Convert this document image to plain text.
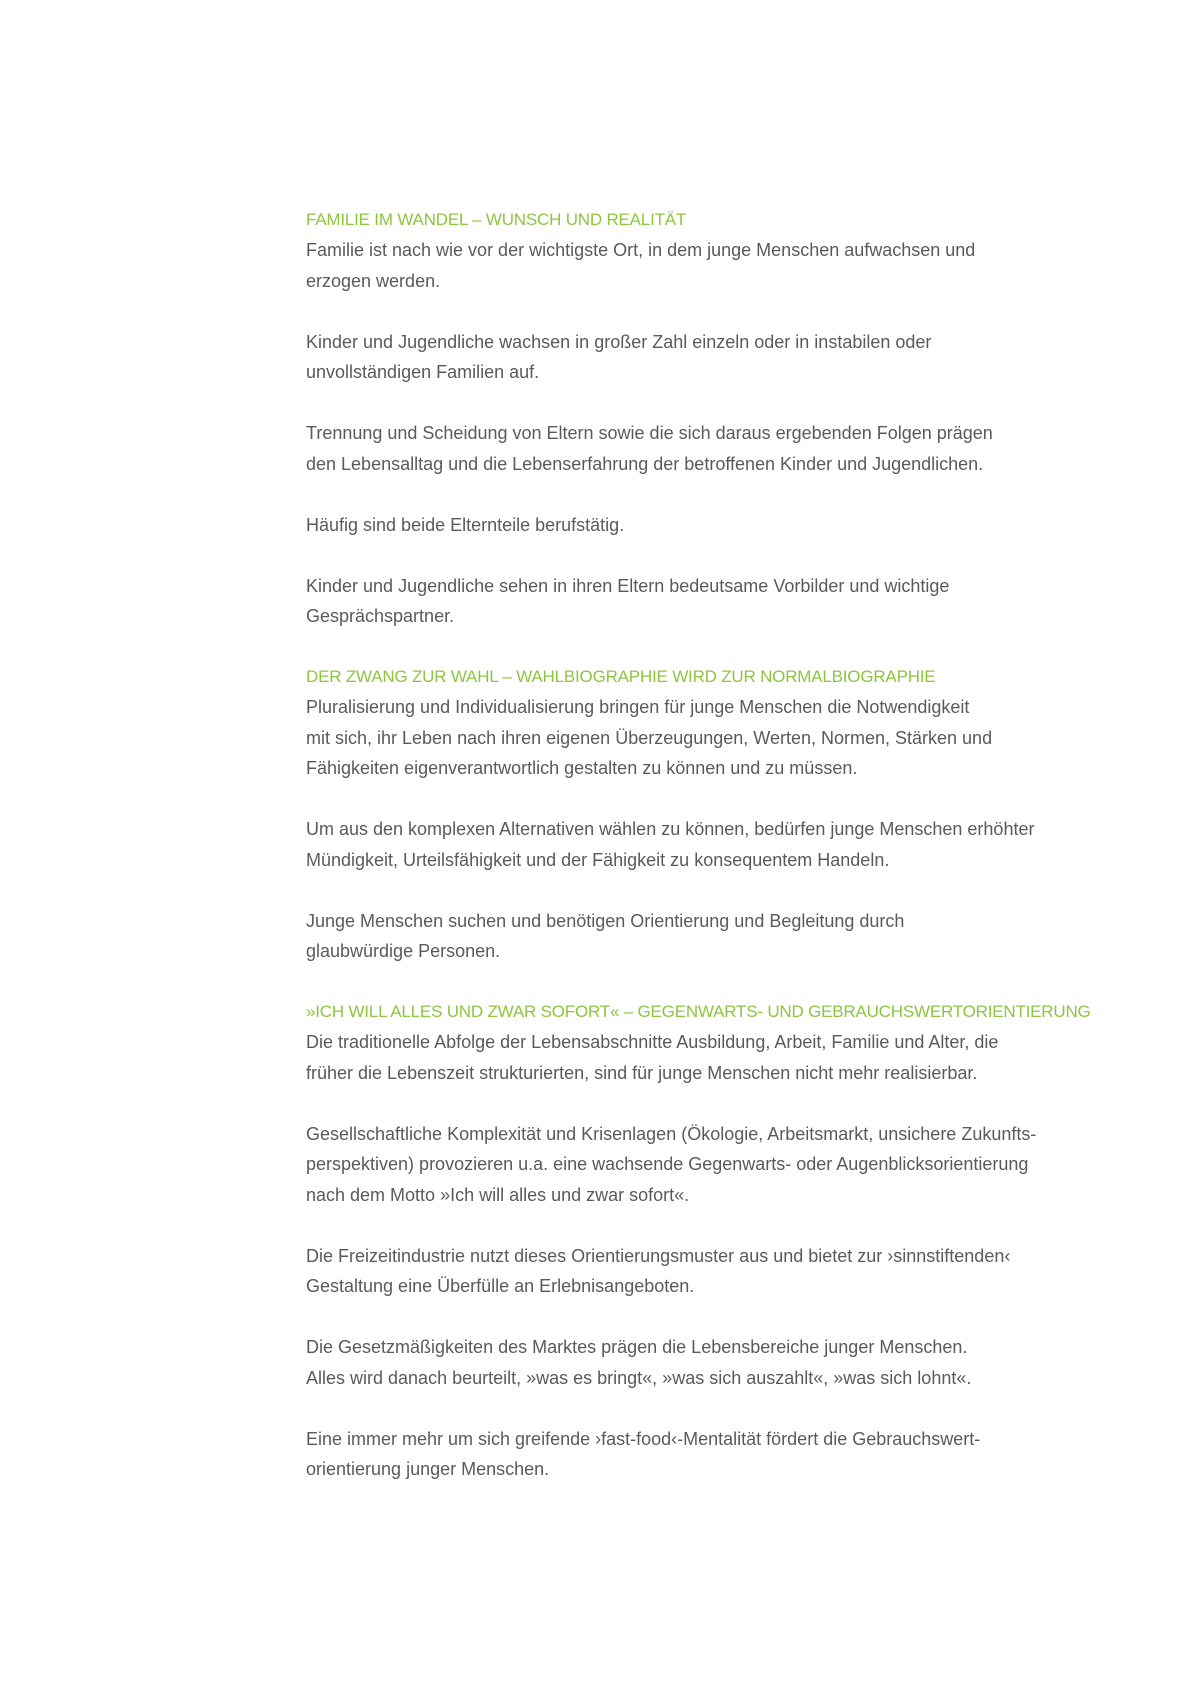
FAMILIE IM WANDEL – WUNSCH UND REALITÄT

Familie ist nach wie vor der wichtigste Ort, in dem junge Menschen aufwachsen und
erzogen werden.

Kinder und Jugendliche wachsen in großer Zahl einzeln oder in instabilen oder
unvollständigen Familien auf.

Trennung und Scheidung von Eltern sowie die sich daraus ergebenden Folgen prägen
den Lebensalltag und die Lebenserfahrung der betroffenen Kinder und Jugendlichen.

Häufig sind beide Elternteile berufstätig.

Kinder und Jugendliche sehen in ihren Eltern bedeutsame Vorbilder und wichtige
Gesprächspartner.

DER ZWANG ZUR WAHL – WAHLBIOGRAPHIE WIRD ZUR NORMALBIOGRAPHIE

Pluralisierung und Individualisierung bringen für junge Menschen die Notwendigkeit
mit sich, ihr Leben nach ihren eigenen Überzeugungen, Werten, Normen, Stärken und
Fähigkeiten eigenverantwortlich gestalten zu können und zu müssen.

Um aus den komplexen Alternativen wählen zu können, bedürfen junge Menschen erhöhter
Mündigkeit, Urteilsfähigkeit und der Fähigkeit zu konsequentem Handeln.

Junge Menschen suchen und benötigen Orientierung und Begleitung durch
glaubwürdige Personen.

»ICH WILL ALLES UND ZWAR SOFORT« – GEGENWARTS- UND GEBRAUCHSWERTORIENTIERUNG

Die traditionelle Abfolge der Lebensabschnitte Ausbildung, Arbeit, Familie und Alter, die
früher die Lebenszeit strukturierten, sind für junge Menschen nicht mehr realisierbar.

Gesellschaftliche Komplexität und Krisenlagen (Ökologie, Arbeitsmarkt, unsichere Zukunfts-
perspektiven) provozieren u.a. eine wachsende Gegenwarts- oder Augenblicksorientierung
nach dem Motto »Ich will alles und zwar sofort«.

Die Freizeitindustrie nutzt dieses Orientierungsmuster aus und bietet zur ›sinnstiftenden‹
Gestaltung eine Überfülle an Erlebnisangeboten.

Die Gesetzmäßigkeiten des Marktes prägen die Lebensbereiche junger Menschen.
Alles wird danach beurteilt, »was es bringt«, »was sich auszahlt«, »was sich lohnt«.

Eine immer mehr um sich greifende ›fast-food‹-Mentalität fördert die Gebrauchswert-
orientierung junger Menschen.
